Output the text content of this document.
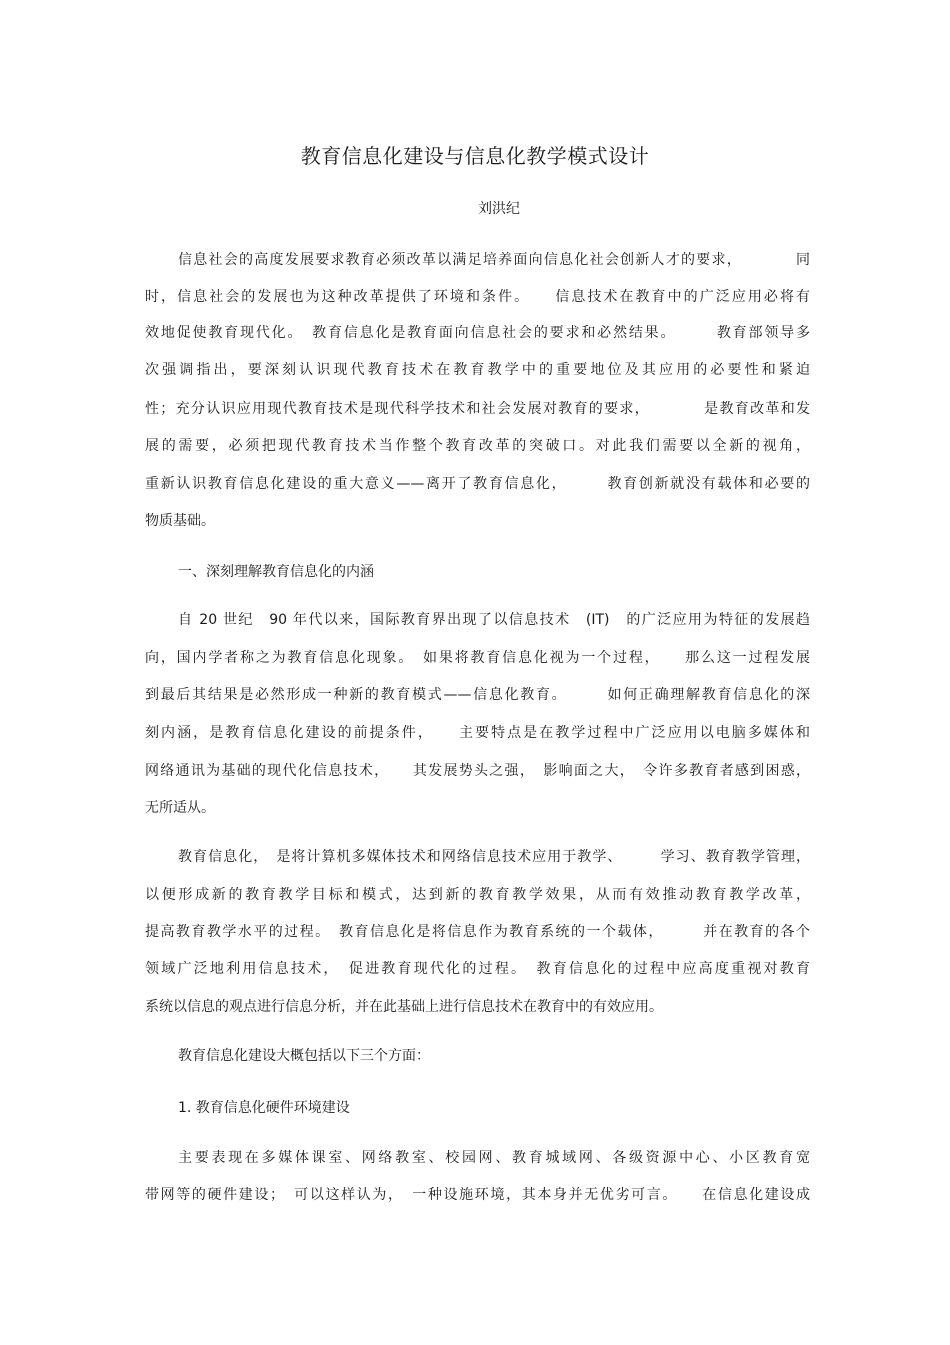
教育信息化建设与信息化教学模式设计
刘洪纪
信息社会的高度发展要求教育必须改革以满足培养面向信息化社会创新人才的要求，　　　　同
时，信息社会的发展也为这种改革提供了环境和条件。　　信息技术在教育中的广泛应用必将有
效地促使教育现代化。　教育信息化是教育面向信息社会的要求和必然结果。　　　教育部领导多
次强调指出，要深刻认识现代教育技术在教育教学中的重要地位及其应用的必要性和紧迫
性；充分认识应用现代教育技术是现代科学技术和社会发展对教育的要求，　　　　是教育改革和发
展的需要，必须把现代教育技术当作整个教育改革的突破口。对此我们需要以全新的视角，
重新认识教育信息化建设的重大意义——离开了教育信息化，　　　教育创新就没有载体和必要的
物质基础。
一、深刻理解教育信息化的内涵
自 20 世纪　90 年代以来，国际教育界出现了以信息技术　(IT)　的广泛应用为特征的发展趋
向，国内学者称之为教育信息化现象。　如果将教育信息化视为一个过程，　　那么这一过程发展
到最后其结果是必然形成一种新的教育模式——信息化教育。　　　如何正确理解教育信息化的深
刻内涵，是教育信息化建设的前提条件，　　主要特点是在教学过程中广泛应用以电脑多媒体和
网络通讯为基础的现代化信息技术，　　其发展势头之强，　影响面之大，　令许多教育者感到困惑，
无所适从。
教育信息化，　是将计算机多媒体技术和网络信息技术应用于教学、　　　学习、教育教学管理，
以便形成新的教育教学目标和模式，达到新的教育教学效果，从而有效推动教育教学改革，
提高教育教学水平的过程。　教育信息化是将信息作为教育系统的一个载体，　　　并在教育的各个
领域广泛地利用信息技术，　促进教育现代化的过程。　教育信息化的过程中应高度重视对教育
系统以信息的观点进行信息分析，并在此基础上进行信息技术在教育中的有效应用。
教育信息化建设大概包括以下三个方面：
1. 教育信息化硬件环境建设
主要表现在多媒体课室、网络教室、校园网、教育城域网、各级资源中心、小区教育宽
带网等的硬件建设；　可以这样认为，　一种设施环境，其本身并无优劣可言。　　在信息化建设成
